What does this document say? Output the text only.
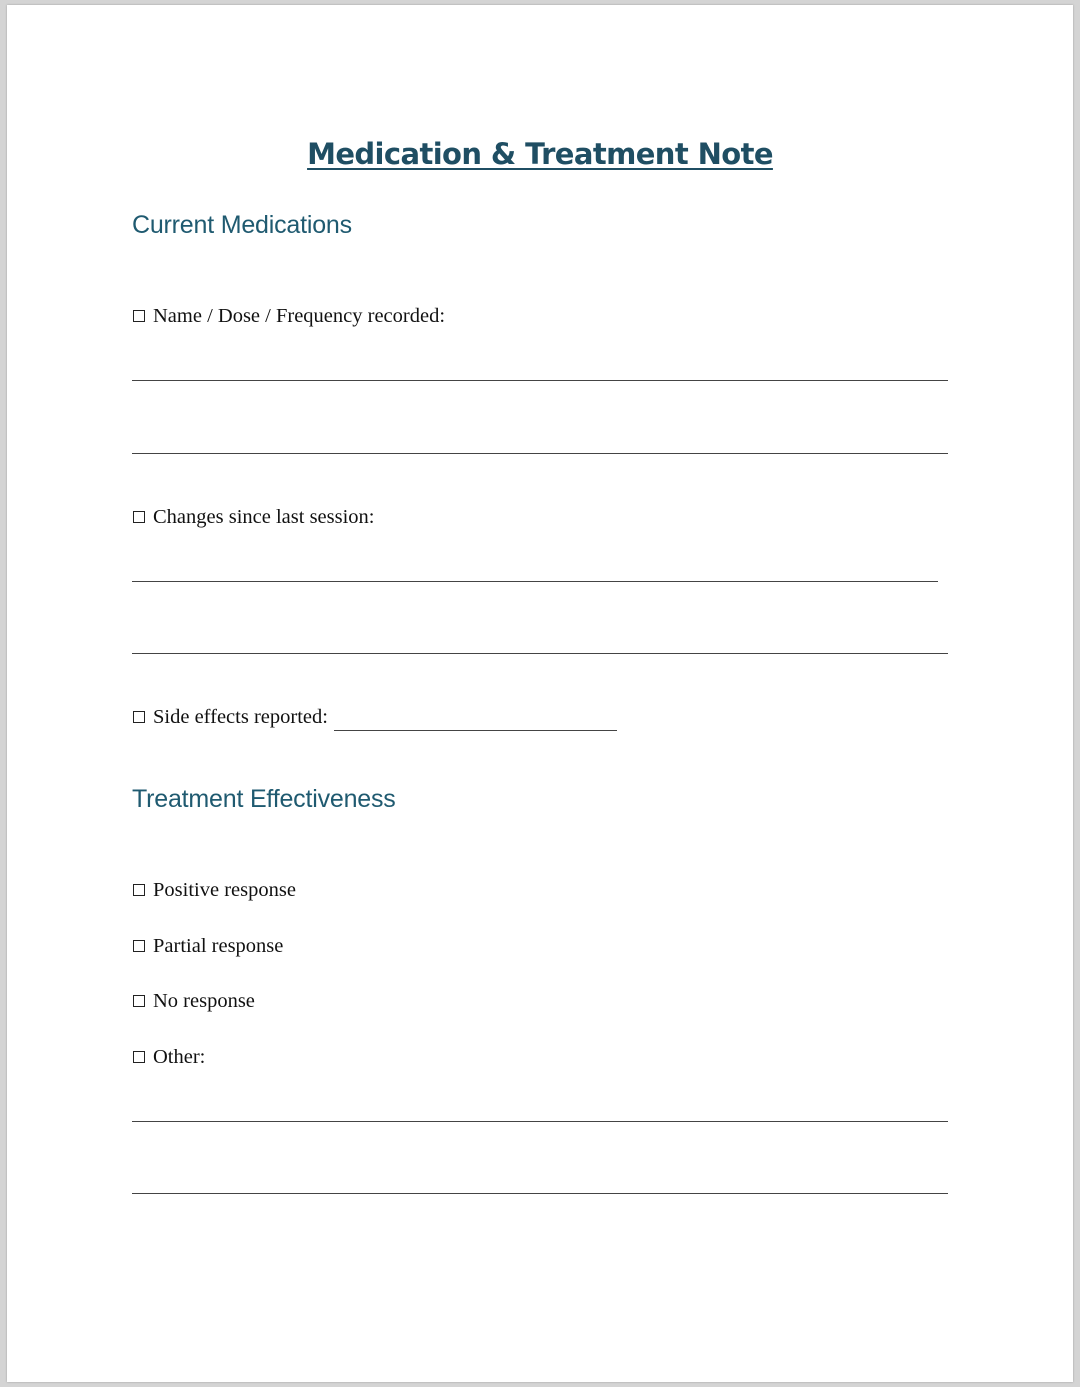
Medication & Treatment Note
Current Medications
Name / Dose / Frequency recorded:
Changes since last session:
Side effects reported:
Treatment Effectiveness
Positive response
Partial response
No response
Other:
